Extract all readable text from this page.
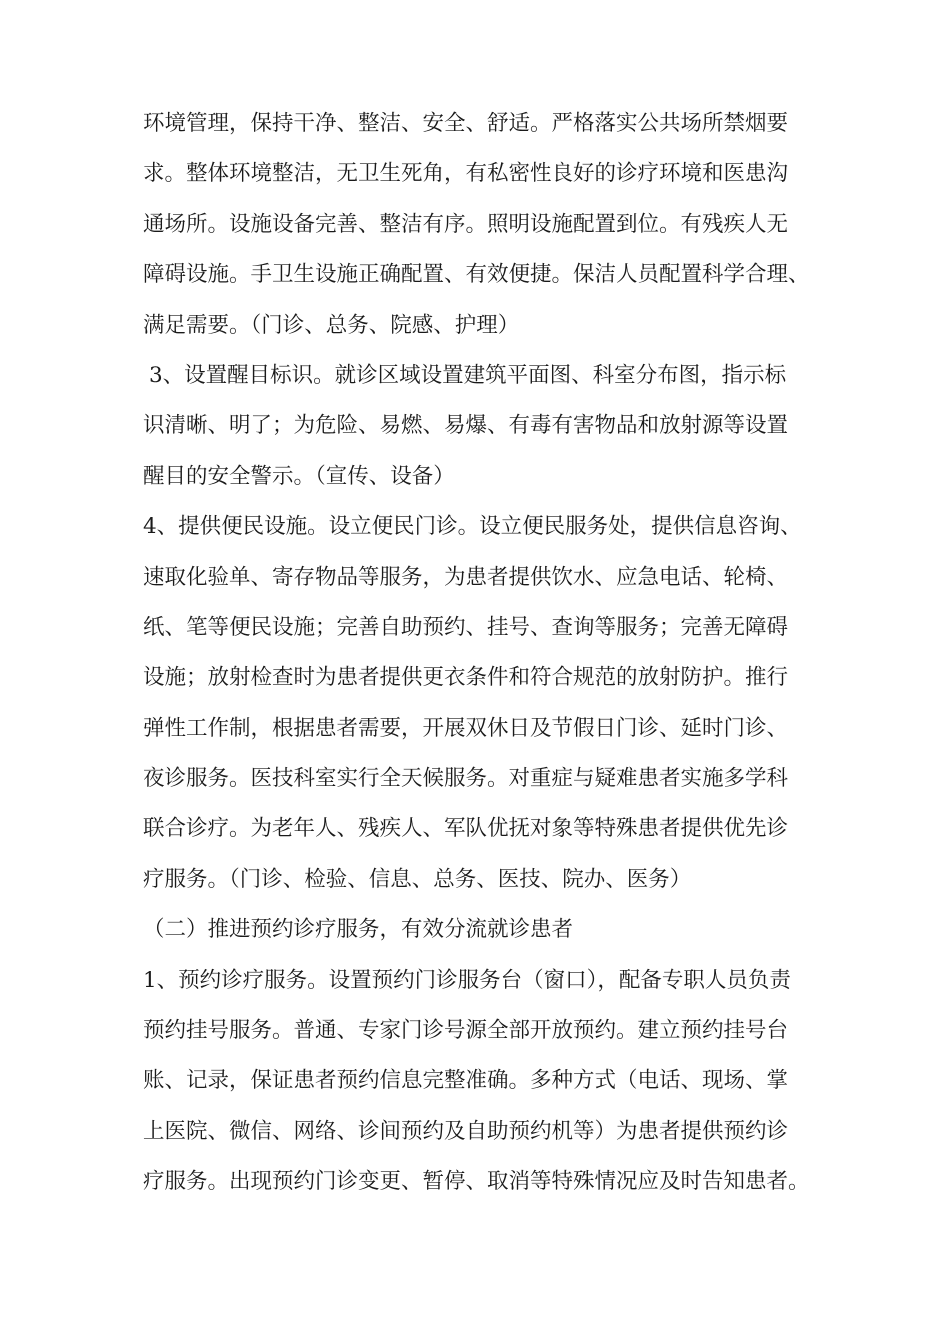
环境管理，保持干净、整洁、安全、舒适。严格落实公共场所禁烟要
求。整体环境整洁，无卫生死角，有私密性良好的诊疗环境和医患沟
通场所。设施设备完善、整洁有序。照明设施配置到位。有残疾人无
障碍设施。手卫生设施正确配置、有效便捷。保洁人员配置科学合理、
满足需要。（门诊、总务、院感、护理）
3、设置醒目标识。就诊区域设置建筑平面图、科室分布图，指示标
识清晰、明了；为危险、易燃、易爆、有毒有害物品和放射源等设置
醒目的安全警示。（宣传、设备）
4、提供便民设施。设立便民门诊。设立便民服务处，提供信息咨询、
速取化验单、寄存物品等服务，为患者提供饮水、应急电话、轮椅、
纸、笔等便民设施；完善自助预约、挂号、查询等服务；完善无障碍
设施；放射检查时为患者提供更衣条件和符合规范的放射防护。推行
弹性工作制，根据患者需要，开展双休日及节假日门诊、延时门诊、
夜诊服务。医技科室实行全天候服务。对重症与疑难患者实施多学科
联合诊疗。为老年人、残疾人、军队优抚对象等特殊患者提供优先诊
疗服务。（门诊、检验、信息、总务、医技、院办、医务）
（二）推进预约诊疗服务，有效分流就诊患者
1、预约诊疗服务。设置预约门诊服务台（窗口），配备专职人员负责
预约挂号服务。普通、专家门诊号源全部开放预约。建立预约挂号台
账、记录，保证患者预约信息完整准确。多种方式（电话、现场、掌
上医院、微信、网络、诊间预约及自助预约机等）为患者提供预约诊
疗服务。出现预约门诊变更、暂停、取消等特殊情况应及时告知患者。
